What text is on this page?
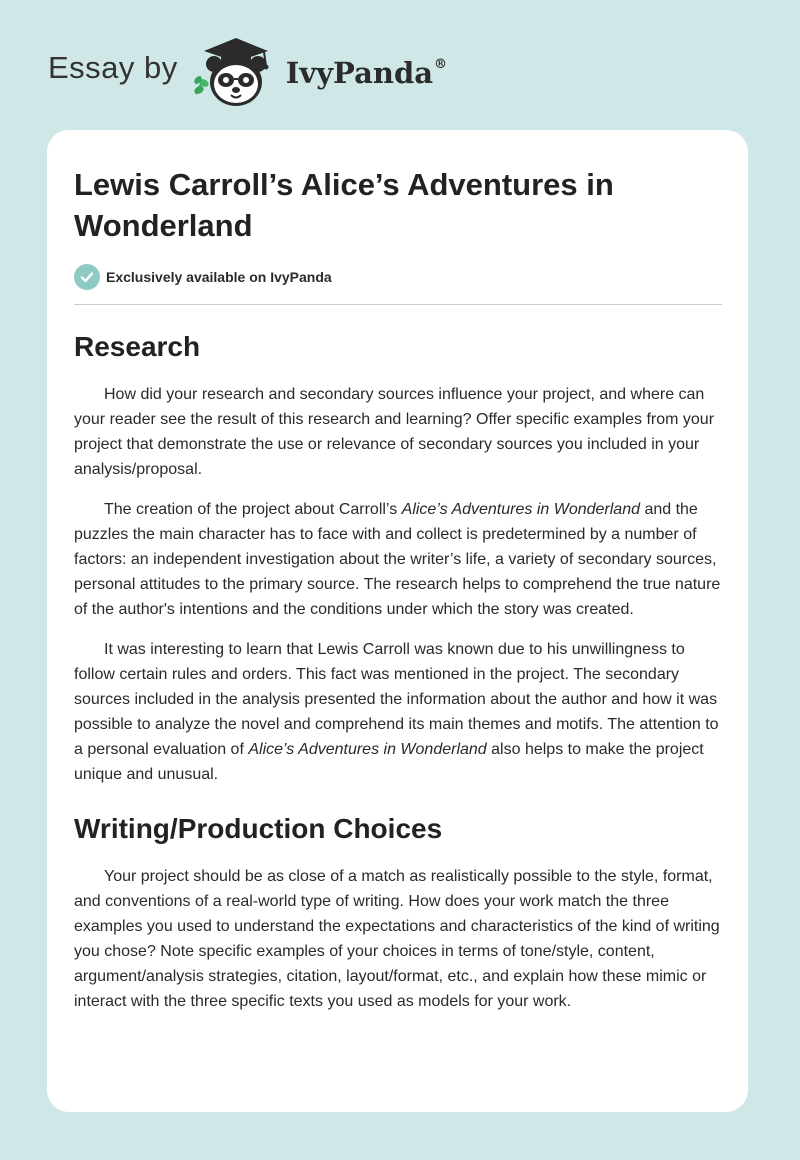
Essay by	IvyPanda®
Lewis Carroll’s Alice’s Adventures in Wonderland
Exclusively available on IvyPanda
Research

How did your research and secondary sources influence your project, and where can your reader see the result of this research and learning? Offer specific examples from your project that demonstrate the use or relevance of secondary sources you included in your analysis/proposal.

The creation of the project about Carroll’s Alice’s Adventures in Wonderland and the puzzles the main character has to face with and collect is predetermined by a number of factors: an independent investigation about the writer’s life, a variety of secondary sources, personal attitudes to the primary source. The research helps to comprehend the true nature of the author's intentions and the conditions under which the story was created.

It was interesting to learn that Lewis Carroll was known due to his unwillingness to follow certain rules and orders. This fact was mentioned in the project. The secondary sources included in the analysis presented the information about the author and how it was possible to analyze the novel and comprehend its main themes and motifs. The attention to a personal evaluation of Alice’s Adventures in Wonderland also helps to make the project unique and unusual.

Writing/Production Choices

Your project should be as close of a match as realistically possible to the style, format, and conventions of a real-world type of writing. How does your work match the three examples you used to understand the expectations and characteristics of the kind of writing you chose? Note specific examples of your choices in terms of tone/style, content, argument/analysis strategies, citation, layout/format, etc., and explain how these mimic or interact with the three specific texts you used as models for your work.
